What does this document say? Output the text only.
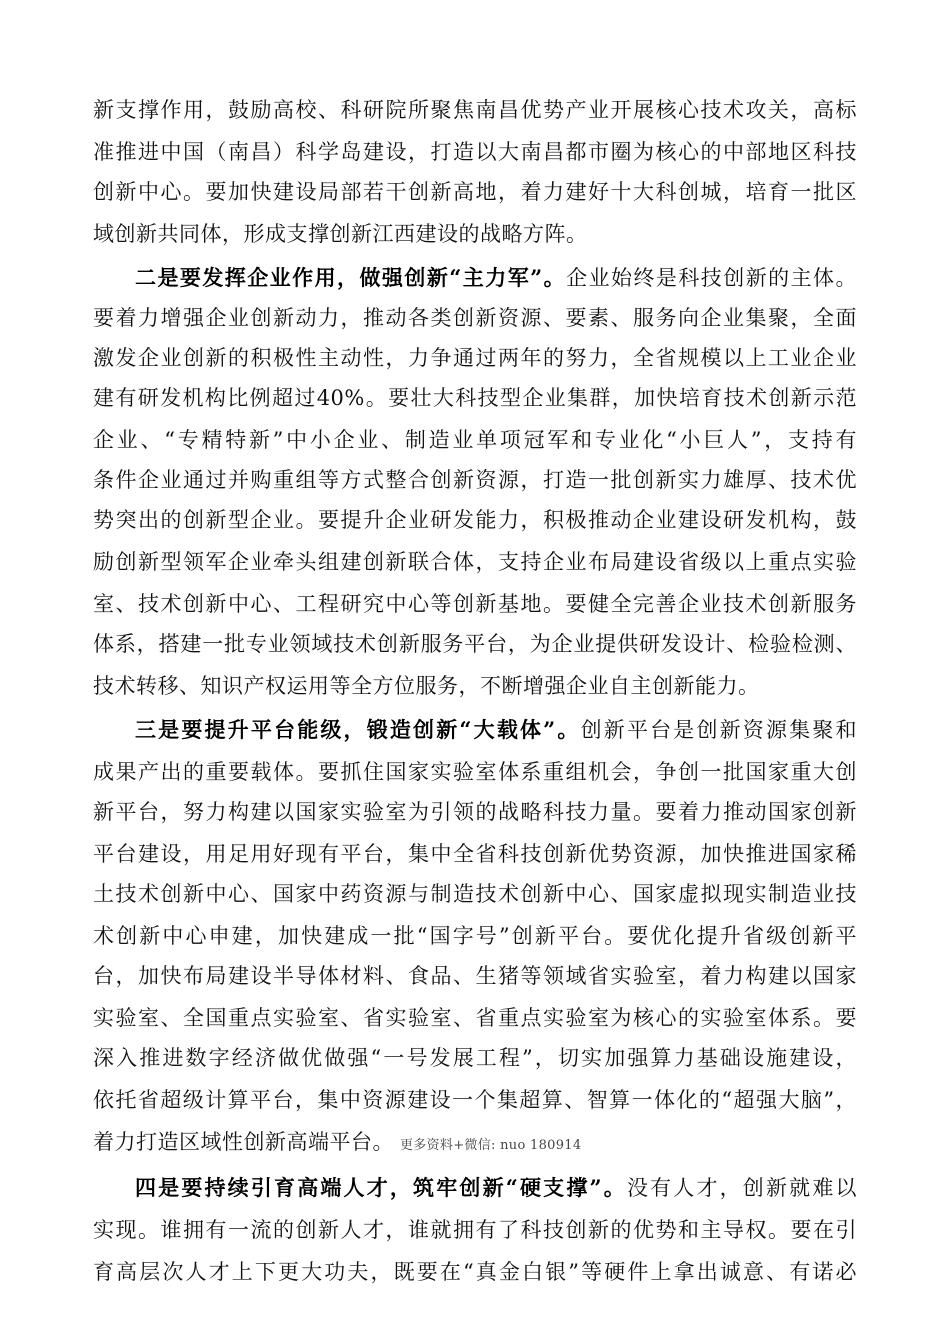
新支撑作用，鼓励高校、科研院所聚焦南昌优势产业开展核心技术攻关，高标
准推进中国（南昌）科学岛建设，打造以大南昌都市圈为核心的中部地区科技
创新中心。要加快建设局部若干创新高地，着力建好十大科创城，培育一批区
域创新共同体，形成支撑创新江西建设的战略方阵。
二是要发挥企业作用，做强创新“主力军”。企业始终是科技创新的主体。
要着力增强企业创新动力，推动各类创新资源、要素、服务向企业集聚，全面
激发企业创新的积极性主动性，力争通过两年的努力，全省规模以上工业企业
建有研发机构比例超过40%。要壮大科技型企业集群，加快培育技术创新示范
企业、“专精特新”中小企业、制造业单项冠军和专业化“小巨人”，支持有
条件企业通过并购重组等方式整合创新资源，打造一批创新实力雄厚、技术优
势突出的创新型企业。要提升企业研发能力，积极推动企业建设研发机构，鼓
励创新型领军企业牵头组建创新联合体，支持企业布局建设省级以上重点实验
室、技术创新中心、工程研究中心等创新基地。要健全完善企业技术创新服务
体系，搭建一批专业领域技术创新服务平台，为企业提供研发设计、检验检测、
技术转移、知识产权运用等全方位服务，不断增强企业自主创新能力。
三是要提升平台能级，锻造创新“大载体”。创新平台是创新资源集聚和
成果产出的重要载体。要抓住国家实验室体系重组机会，争创一批国家重大创
新平台，努力构建以国家实验室为引领的战略科技力量。要着力推动国家创新
平台建设，用足用好现有平台，集中全省科技创新优势资源，加快推进国家稀
土技术创新中心、国家中药资源与制造技术创新中心、国家虚拟现实制造业技
术创新中心申建，加快建成一批“国字号”创新平台。要优化提升省级创新平
台，加快布局建设半导体材料、食品、生猪等领域省实验室，着力构建以国家
实验室、全国重点实验室、省实验室、省重点实验室为核心的实验室体系。要
深入推进数字经济做优做强“一号发展工程”，切实加强算力基础设施建设，
依托省超级计算平台，集中资源建设一个集超算、智算一体化的“超强大脑”，
着力打造区域性创新高端平台。 更多资料+微信: nuo 180914
四是要持续引育高端人才，筑牢创新“硬支撑”。没有人才，创新就难以
实现。谁拥有一流的创新人才，谁就拥有了科技创新的优势和主导权。要在引
育高层次人才上下更大功夫，既要在“真金白银”等硬件上拿出诚意、有诺必
